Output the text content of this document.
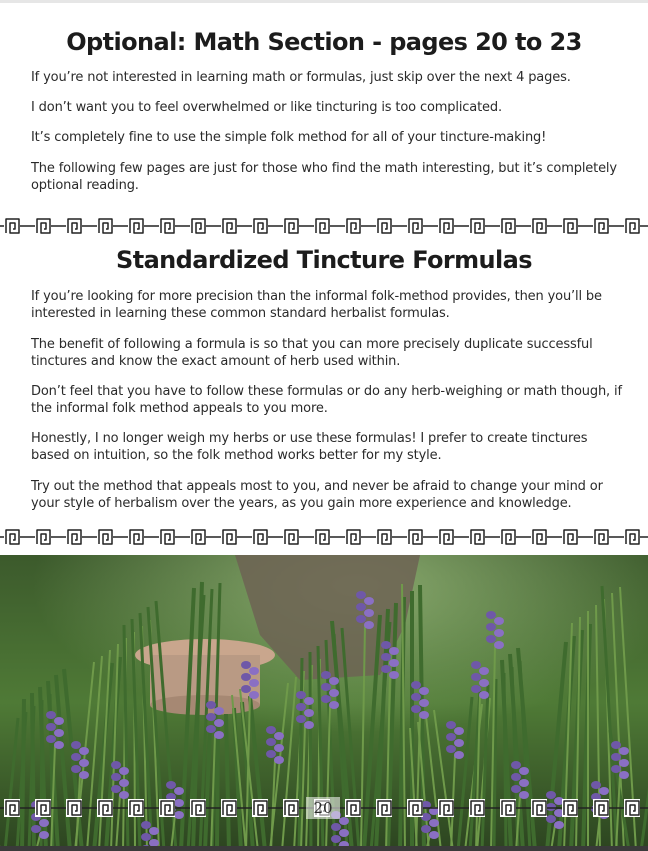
Optional: Math Section - pages 20 to 23

If you’re not interested in learning math or formulas, just skip over the next 4 pages.

I don’t want you to feel overwhelmed or like tincturing is too complicated.

It’s completely fine to use the simple folk method for all of your tincture-making!

The following few pages are just for those who find the math interesting, but it’s completely optional reading.

Standardized Tincture Formulas

If you’re looking for more precision than the informal folk-method provides, then you’ll be interested in learning these common standard herbalist formulas.

The benefit of following a formula is so that you can more precisely duplicate successful tinctures and know the exact amount of herb used within.

Don’t feel that you have to follow these formulas or do any herb-weighing or math though, if the informal folk method appeals to you more.

Honestly, I no longer weigh my herbs or use these formulas! I prefer to create tinctures based on intuition, so the folk method works better for my style.

Try out the method that appeals most to you, and never be afraid to change your mind or your style of herbalism over the years, as you gain more experience and knowledge.

20
